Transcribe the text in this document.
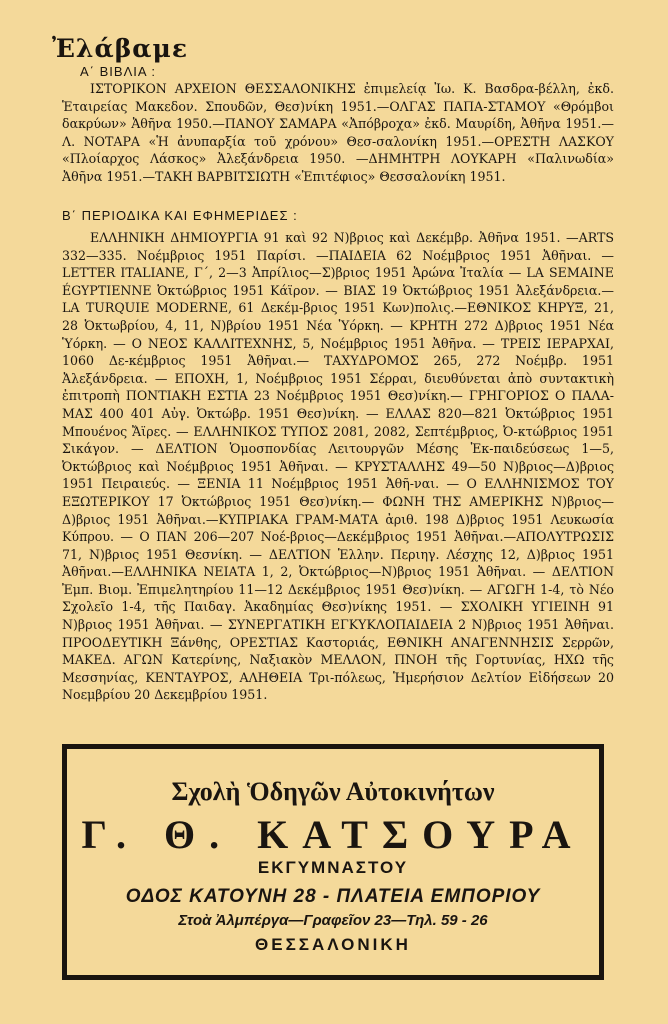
Ἐλάβαμε
Α΄ ΒΙΒΛΙΑ :

ΙΣΤΟΡΙΚΟΝ ΑΡΧΕΙΟΝ ΘΕΣΣΑΛΟΝΙΚΗΣ ἐπιμελείᾳ Ἰω. Κ. Βασδρα-βέλλη, ἐκδ. Ἑταιρείας Μακεδον. Σπουδῶν, Θεσ)νίκη 1951.—ΟΛΓΑΣ ΠΑΠΑ-ΣΤΑΜΟΥ «Θρόμβοι δακρύων» Ἀθῆνα 1950.—ΠΑΝΟΥ ΣΑΜΑΡΑ «Ἀπόβροχα» ἐκδ. Μαυρίδη, Ἀθῆνα 1951.—Λ. ΝΟΤΑΡΑ «Ἡ ἀνυπαρξία τοῦ χρόνου» Θεσ-σαλονίκη 1951.—ΟΡΕΣΤΗ ΛΑΣΚΟΥ «Πλοίαρχος Λάσκος» Ἀλεξάνδρεια 1950. —ΔΗΜΗΤΡΗ ΛΟΥΚΑΡΗ «Παλινωδία» Ἀθῆνα 1951.—ΤΑΚΗ ΒΑΡΒΙΤΣΙΩΤΗ «Ἐπιτέφιος» Θεσσαλονίκη 1951.

Β΄ ΠΕΡΙΟΔΙΚΑ ΚΑΙ ΕΦΗΜΕΡΙΔΕΣ :

ΕΛΛΗΝΙΚΗ ΔΗΜΙΟΥΡΓΙΑ 91 καὶ 92 Ν)βριος καὶ Δεκέμβρ. Ἀθῆνα 1951. —ARTS 332—335. Νοέμβριος 1951 Παρίσι. —ΠΑΙΔΕΙΑ 62 Νοέμβριος 1951 Ἀθῆναι. — LETTER ITALIANE, Γ΄, 2—3 Ἀπρίλιος—Σ)βριος 1951 Ἀρώνα Ἰταλία — LA SEMAINE ÉGYPTIENNE Ὀκτώβριος 1951 Κάϊρον. — ΒΙΑΣ 19 Ὀκτώβριος 1951 Ἀλεξάνδρεια.—LA TURQUIE MODERNE, 61 Δεκέμ-βριος 1951 Κων)πολις.—ΕΘΝΙΚΟΣ ΚΗΡΥΞ, 21, 28 Ὀκτωβρίου, 4, 11, Ν)βρίου 1951 Νέα Ὑόρκη. — ΚΡΗΤΗ 272 Δ)βριος 1951 Νέα Ὑόρκη. — Ο ΝΕΟΣ ΚΑΛΛΙΤΕΧΝΗΣ, 5, Νοέμβριος 1951 Ἀθῆνα. — ΤΡΕΙΣ ΙΕΡΑΡΧΑΙ, 1060 Δε-κέμβριος 1951 Ἀθῆναι.— ΤΑΧΥΔΡΟΜΟΣ 265, 272 Νοέμβρ. 1951 Ἀλεξάνδρεια. — ΕΠΟΧΗ, 1, Νοέμβριος 1951 Σέρραι, διευθύνεται ἀπὸ συντακτικὴ ἐπιτροπὴ ΠΟΝΤΙΑΚΗ ΕΣΤΙΑ 23 Νοέμβριος 1951 Θεσ)νίκη.— ΓΡΗΓΟΡΙΟΣ Ο ΠΑΛΑ-ΜΑΣ 400 401 Αὐγ. Ὀκτώβρ. 1951 Θεσ)νίκη. — ΕΛΛΑΣ 820—821 Ὀκτώβριος 1951 Μπουένος Ἄϊρες. — ΕΛΛΗΝΙΚΟΣ ΤΥΠΟΣ 2081, 2082, Σεπτέμβριος, Ὀ-κτώβριος 1951 Σικάγον. — ΔΕΛΤΙΟΝ Ὁμοσπονδίας Λειτουργῶν Μέσης Ἐκ-παιδεύσεως 1—5, Ὀκτώβριος καὶ Νοέμβριος 1951 Ἀθῆναι. — ΚΡΥΣΤΑΛΛΗΣ 49—50 Ν)βριος—Δ)βριος 1951 Πειραιεύς. — ΞΕΝΙΑ 11 Νοέμβριος 1951 Ἀθῆ-ναι. — Ο ΕΛΛΗΝΙΣΜΟΣ ΤΟΥ ΕΞΩΤΕΡΙΚΟΥ 17 Ὀκτώβριος 1951 Θεσ)νίκη.— ΦΩΝΗ ΤΗΣ ΑΜΕΡΙΚΗΣ Ν)βριος—Δ)βριος 1951 Ἀθῆναι.—ΚΥΠΡΙΑΚΑ ΓΡΑΜ-ΜΑΤΑ ἀριθ. 198 Δ)βριος 1951 Λευκωσία Κύπρου. — Ο ΠΑΝ 206—207 Νοέ-βριος—Δεκέμβριος 1951 Ἀθῆναι.—ΑΠΟΛΥΤΡΩΣΙΣ 71, Ν)βριος 1951 Θεσνίκη. — ΔΕΛΤΙΟΝ Ἑλλην. Περιηγ. Λέσχης 12, Δ)βριος 1951 Ἀθῆναι.—ΕΛΛΗΝΙΚΑ ΝΕΙΑΤΑ 1, 2, Ὀκτώβριος—Ν)βριος 1951 Ἀθῆναι. — ΔΕΛΤΙΟΝ Ἐμπ. Βιομ. Ἐπιμελητηρίου 11—12 Δεκέμβριος 1951 Θεσ)νίκη. — ΑΓΩΓΗ 1-4, τὸ Νέο Σχολεῖο 1-4, τῆς Παιδαγ. Ἀκαδημίας Θεσ)νίκης 1951. — ΣΧΟΛΙΚΗ ΥΓΙΕΙΝΗ 91 Ν)βριος 1951 Ἀθῆναι. — ΣΥΝΕΡΓΑΤΙΚΗ ΕΓΚΥΚΛΟΠΑΙΔΕΙΑ 2 Ν)βριος 1951 Ἀθῆναι. ΠΡΟΟΔΕΥΤΙΚΗ Ξάνθης, ΟΡΕΣΤΙΑΣ Καστοριάς, ΕΘΝΙΚΗ ΑΝΑΓΕΝΝΗΣΙΣ Σερρῶν, ΜΑΚΕΔ. ΑΓΩΝ Κατερίνης, Ναξιακὸν ΜΕΛΛΟΝ, ΠΝΟΗ τῆς Γορτυνίας, ΗΧΩ τῆς Μεσσηνίας, ΚΕΝΤΑΥΡΟΣ, ΑΛΗΘΕΙΑ Τρι-πόλεως, Ἡμερήσιον Δελτίον Εἰδήσεων 20 Νοεμβρίου 20 Δεκεμβρίου 1951.

Σχολὴ Ὁδηγῶν Αὐτοκινήτων
Γ. Θ. ΚΑΤΣΟΥΡΑ
ΕΚΓΥΜΝΑΣΤΟΥ
ΟΔΟΣ ΚΑΤΟΥΝΗ 28 - ΠΛΑΤΕΙΑ ΕΜΠΟΡΙΟΥ
Στοὰ Ἀλμπέργα—Γραφεῖον 23—Τηλ. 59 - 26
ΘΕΣΣΑΛΟΝΙΚΗ
